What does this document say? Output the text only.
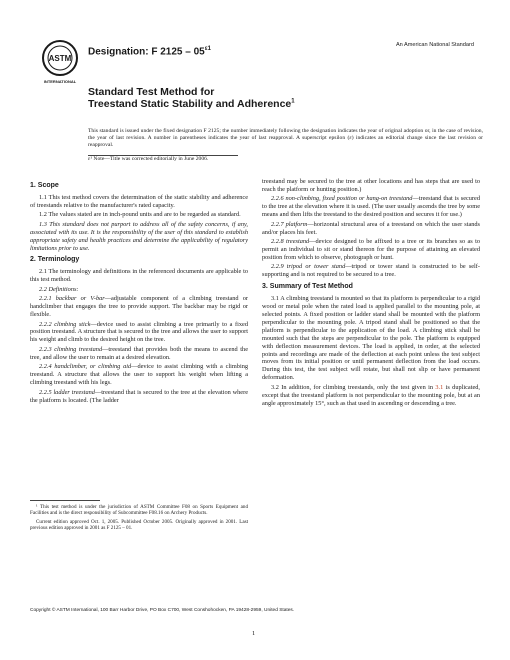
ASTM
INTERNATIONAL
Designation: F $2125 - 05^{\varepsilon 1}$
An American National Standard
Standard Test Method for
Treestand Static Stability and Adherence$^1$
This standard is issued under the fixed designation F 2125; the number immediately following the designation indicates the year of original adoption or, in the case of revision, the year of last revision. A number in parentheses indicates the year of last reapproval. A superscript epsilon (ε) indicates an editorial change since the last revision or reapproval.
ε¹ Note—Title was corrected editorially in June 2006.
1. Scope

1.1 This test method covers the determination of the static stability and adherence of treestands relative to the manufacturer's rated capacity.

1.2 The values stated are in inch-pound units and are to be regarded as standard.

1.3 This standard does not purport to address all of the safety concerns, if any, associated with its use. It is the responsibility of the user of this standard to establish appropriate safety and health practices and determine the applicability of regulatory limitations prior to use.

2. Terminology

2.1 The terminology and definitions in the referenced documents are applicable to this test method.

2.2 Definitions:

2.2.1 backbar or V-bar—adjustable component of a climbing treestand or handclimber that engages the tree to provide support. The backbar may be rigid or flexible.

2.2.2 climbing stick—device used to assist climbing a tree primarily to a fixed position treestand. A structure that is secured to the tree and allows the user to support his weight and climb to the desired height on the tree.

2.2.3 climbing treestand—treestand that provides both the means to ascend the tree, and allow the user to remain at a desired elevation.

2.2.4 handclimber, or climbing aid—device to assist climbing with a climbing treestand. A structure that allows the user to support his weight when lifting a climbing treestand with his legs.

2.2.5 ladder treestand—treestand that is secured to the tree at the elevation where the platform is located. (The ladder

¹ This test method is under the jurisdiction of ASTM Committee F08 on Sports Equipment and Facilities and is the direct responsibility of Subcommittee F08.16 on Archery Products.

Current edition approved Oct. 1, 2005. Published October 2005. Originally approved in 2001. Last previous edition approved in 2001 as F 2125 – 01.

treestand may be secured to the tree at other locations and has steps that are used to reach the platform or hunting position.)

2.2.6 non-climbing, fixed position or hang-on treestand—treestand that is secured to the tree at the elevation where it is used. (The user usually ascends the tree by some means and then lifts the treestand to the desired position and secures it for use.)

2.2.7 platform—horizontal structural area of a treestand on which the user stands and/or places his feet.

2.2.8 treestand—device designed to be affixed to a tree or its branches so as to permit an individual to sit or stand thereon for the purpose of attaining an elevated position from which to observe, photograph or hunt.

2.2.9 tripod or tower stand—tripod or tower stand is constructed to be self-supporting and is not required to be secured to a tree.

3. Summary of Test Method

3.1 A climbing treestand is mounted so that its platform is perpendicular to a rigid wood or metal pole when the rated load is applied parallel to the mounting pole, at selected points. A fixed position or ladder stand shall be mounted with the platform perpendicular to the mounting pole. A tripod stand shall be positioned so that the platform is perpendicular to the application of the load. A climbing stick shall be mounted such that the steps are perpendicular to the pole. The platform is equipped with deflection measurement devices. The load is applied, in order, at the selected points and recordings are made of the deflection at each point unless the test subject moves from its initial position or until permanent deflection from the load occurs. During this test, the test subject will rotate, but shall not slip or have permanent deformation.

3.2 In addition, for climbing treestands, only the test given in 3.1 is duplicated, except that the treestand platform is not perpendicular to the mounting pole, but at an angle approximately 15°, such as that used in ascending or descending a tree.

Copyright © ASTM International, 100 Barr Harbor Drive, PO Box C700, West Conshohocken, PA 19428-2959, United States.
1
